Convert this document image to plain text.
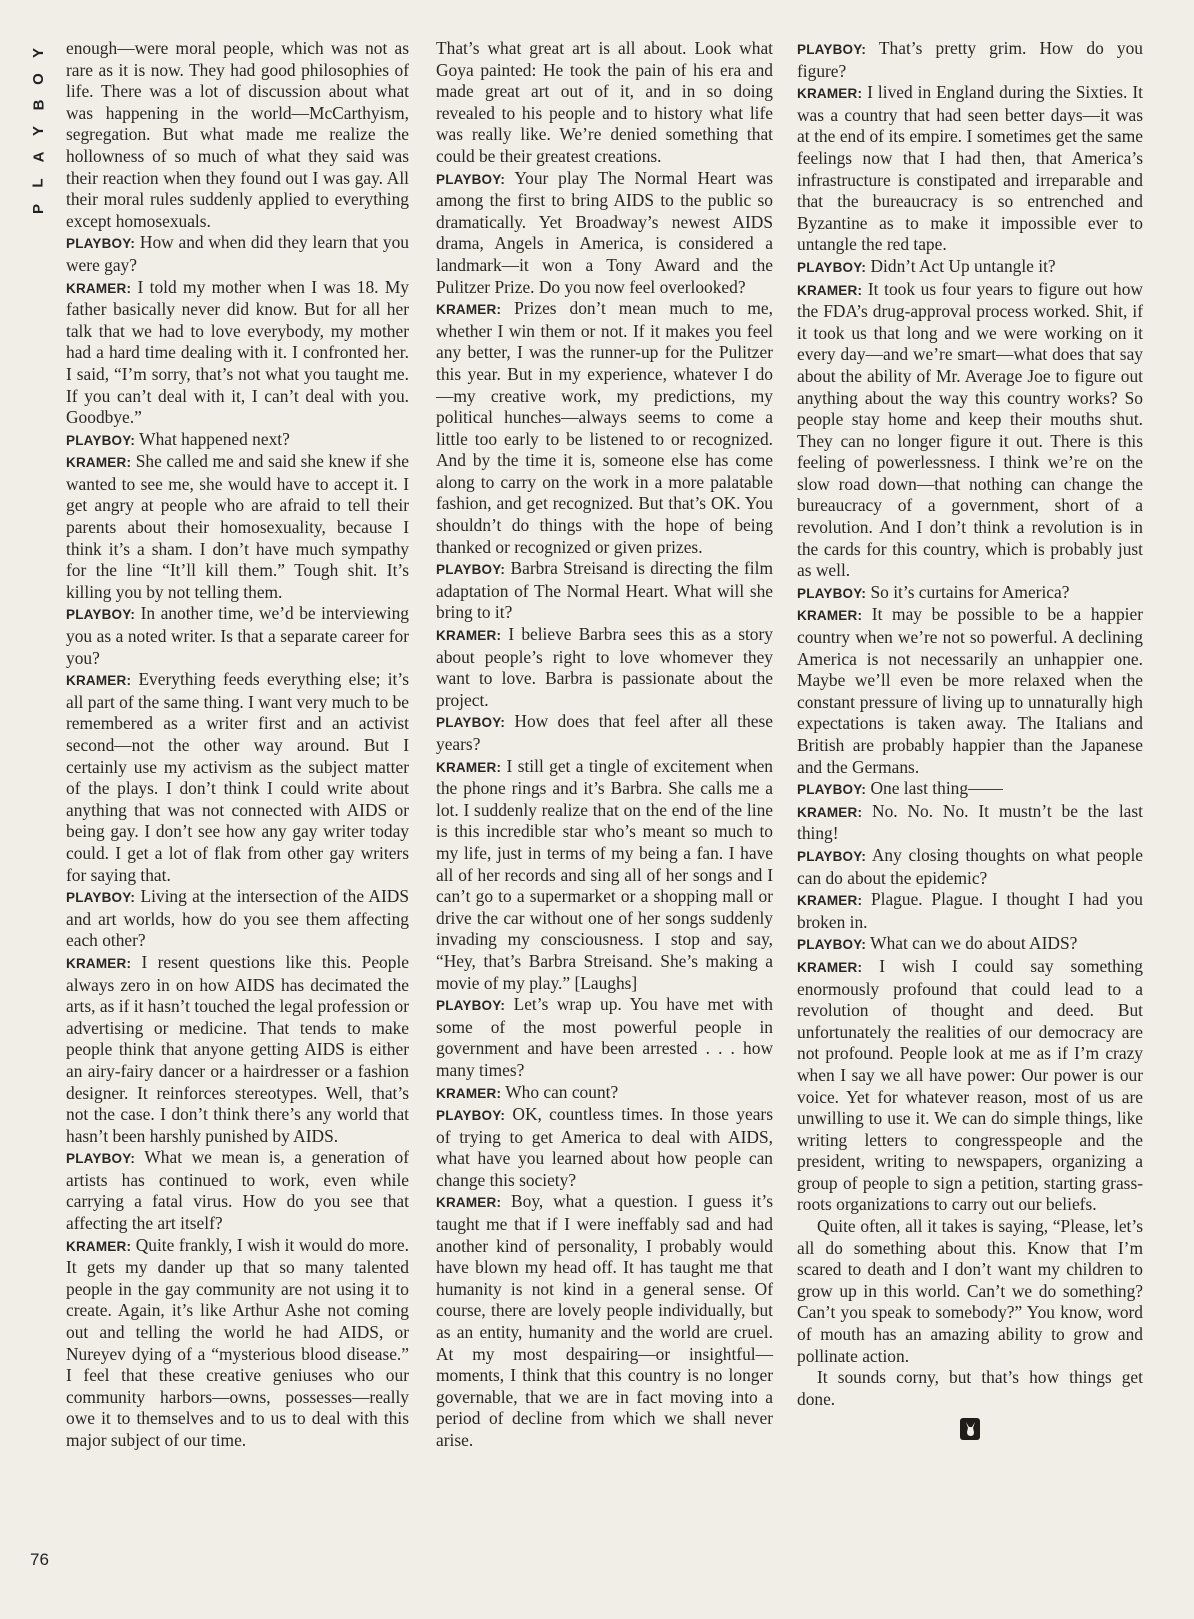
Y
O
B
Y
A
L
P
76

enough—were moral people, which was not as rare as it is now. They had good philosophies of life. There was a lot of discussion about what was happening in the world—McCarthyism, segregation. But what made me realize the hollowness of so much of what they said was their reaction when they found out I was gay. All their moral rules suddenly applied to everything except homosexuals.

PLAYBOY: How and when did they learn that you were gay?

KRAMER: I told my mother when I was 18. My father basically never did know. But for all her talk that we had to love everybody, my mother had a hard time dealing with it. I confronted her. I said, “I’m sorry, that’s not what you taught me. If you can’t deal with it, I can’t deal with you. Goodbye.”

PLAYBOY: What happened next?

KRAMER: She called me and said she knew if she wanted to see me, she would have to accept it. I get angry at people who are afraid to tell their parents about their homosexuality, because I think it’s a sham. I don’t have much sympathy for the line “It’ll kill them.” Tough shit. It’s killing you by not telling them.

PLAYBOY: In another time, we’d be interviewing you as a noted writer. Is that a separate career for you?

KRAMER: Everything feeds everything else; it’s all part of the same thing. I want very much to be remembered as a writer first and an activist second—not the other way around. But I certainly use my activism as the subject matter of the plays. I don’t think I could write about anything that was not connected with AIDS or being gay. I don’t see how any gay writer today could. I get a lot of flak from other gay writers for saying that.

PLAYBOY: Living at the intersection of the AIDS and art worlds, how do you see them affecting each other?

KRAMER: I resent questions like this. People always zero in on how AIDS has decimated the arts, as if it hasn’t touched the legal profession or advertising or medicine. That tends to make people think that anyone getting AIDS is either an airy-fairy dancer or a hairdresser or a fashion designer. It reinforces stereotypes. Well, that’s not the case. I don’t think there’s any world that hasn’t been harshly punished by AIDS.

PLAYBOY: What we mean is, a generation of artists has continued to work, even while carrying a fatal virus. How do you see that affecting the art itself?

KRAMER: Quite frankly, I wish it would do more. It gets my dander up that so many talented people in the gay community are not using it to create. Again, it’s like Arthur Ashe not coming out and telling the world he had AIDS, or Nureyev dying of a “mysterious blood disease.” I feel that these creative geniuses who our community harbors—owns, possesses—really owe it to themselves and to us to deal with this major subject of our time.

That’s what great art is all about. Look what Goya painted: He took the pain of his era and made great art out of it, and in so doing revealed to his people and to history what life was really like. We’re denied something that could be their greatest creations.

PLAYBOY: Your play The Normal Heart was among the first to bring AIDS to the public so dramatically. Yet Broadway’s newest AIDS drama, Angels in America, is considered a landmark—it won a Tony Award and the Pulitzer Prize. Do you now feel overlooked?

KRAMER: Prizes don’t mean much to me, whether I win them or not. If it makes you feel any better, I was the runner-up for the Pulitzer this year. But in my experience, whatever I do—my creative work, my predictions, my political hunches—always seems to come a little too early to be listened to or recognized. And by the time it is, someone else has come along to carry on the work in a more palatable fashion, and get recognized. But that’s OK. You shouldn’t do things with the hope of being thanked or recognized or given prizes.

PLAYBOY: Barbra Streisand is directing the film adaptation of The Normal Heart. What will she bring to it?

KRAMER: I believe Barbra sees this as a story about people’s right to love whomever they want to love. Barbra is passionate about the project.

PLAYBOY: How does that feel after all these years?

KRAMER: I still get a tingle of excitement when the phone rings and it’s Barbra. She calls me a lot. I suddenly realize that on the end of the line is this incredible star who’s meant so much to my life, just in terms of my being a fan. I have all of her records and sing all of her songs and I can’t go to a supermarket or a shopping mall or drive the car without one of her songs suddenly invading my consciousness. I stop and say, “Hey, that’s Barbra Streisand. She’s making a movie of my play.” [Laughs]

PLAYBOY: Let’s wrap up. You have met with some of the most powerful people in government and have been arrested . . . how many times?

KRAMER: Who can count?

PLAYBOY: OK, countless times. In those years of trying to get America to deal with AIDS, what have you learned about how people can change this society?

KRAMER: Boy, what a question. I guess it’s taught me that if I were ineffably sad and had another kind of personality, I probably would have blown my head off. It has taught me that humanity is not kind in a general sense. Of course, there are lovely people individually, but as an entity, humanity and the world are cruel. At my most despairing—or insightful—moments, I think that this country is no longer governable, that we are in fact moving into a period of decline from which we shall never arise.

PLAYBOY: That’s pretty grim. How do you figure?

KRAMER: I lived in England during the Sixties. It was a country that had seen better days—it was at the end of its empire. I sometimes get the same feelings now that I had then, that America’s infrastructure is constipated and irreparable and that the bureaucracy is so entrenched and Byzantine as to make it impossible ever to untangle the red tape.

PLAYBOY: Didn’t Act Up untangle it?

KRAMER: It took us four years to figure out how the FDA’s drug-approval process worked. Shit, if it took us that long and we were working on it every day—and we’re smart—what does that say about the ability of Mr. Average Joe to figure out anything about the way this country works? So people stay home and keep their mouths shut. They can no longer figure it out. There is this feeling of powerlessness. I think we’re on the slow road down—that nothing can change the bureaucracy of a government, short of a revolution. And I don’t think a revolution is in the cards for this country, which is probably just as well.

PLAYBOY: So it’s curtains for America?

KRAMER: It may be possible to be a happier country when we’re not so powerful. A declining America is not necessarily an unhappier one. Maybe we’ll even be more relaxed when the constant pressure of living up to unnaturally high expectations is taken away. The Italians and British are probably happier than the Japanese and the Germans.

PLAYBOY: One last thing——

KRAMER: No. No. No. It mustn’t be the last thing!

PLAYBOY: Any closing thoughts on what people can do about the epidemic?

KRAMER: Plague. Plague. I thought I had you broken in.

PLAYBOY: What can we do about AIDS?

KRAMER: I wish I could say something enormously profound that could lead to a revolution of thought and deed. But unfortunately the realities of our democracy are not profound. People look at me as if I’m crazy when I say we all have power: Our power is our voice. Yet for whatever reason, most of us are unwilling to use it. We can do simple things, like writing letters to congresspeople and the president, writing to newspapers, organizing a group of people to sign a petition, starting grass-roots organizations to carry out our beliefs.

Quite often, all it takes is saying, “Please, let’s all do something about this. Know that I’m scared to death and I don’t want my children to grow up in this world. Can’t we do something? Can’t you speak to somebody?” You know, word of mouth has an amazing ability to grow and pollinate action.

It sounds corny, but that’s how things get done.
